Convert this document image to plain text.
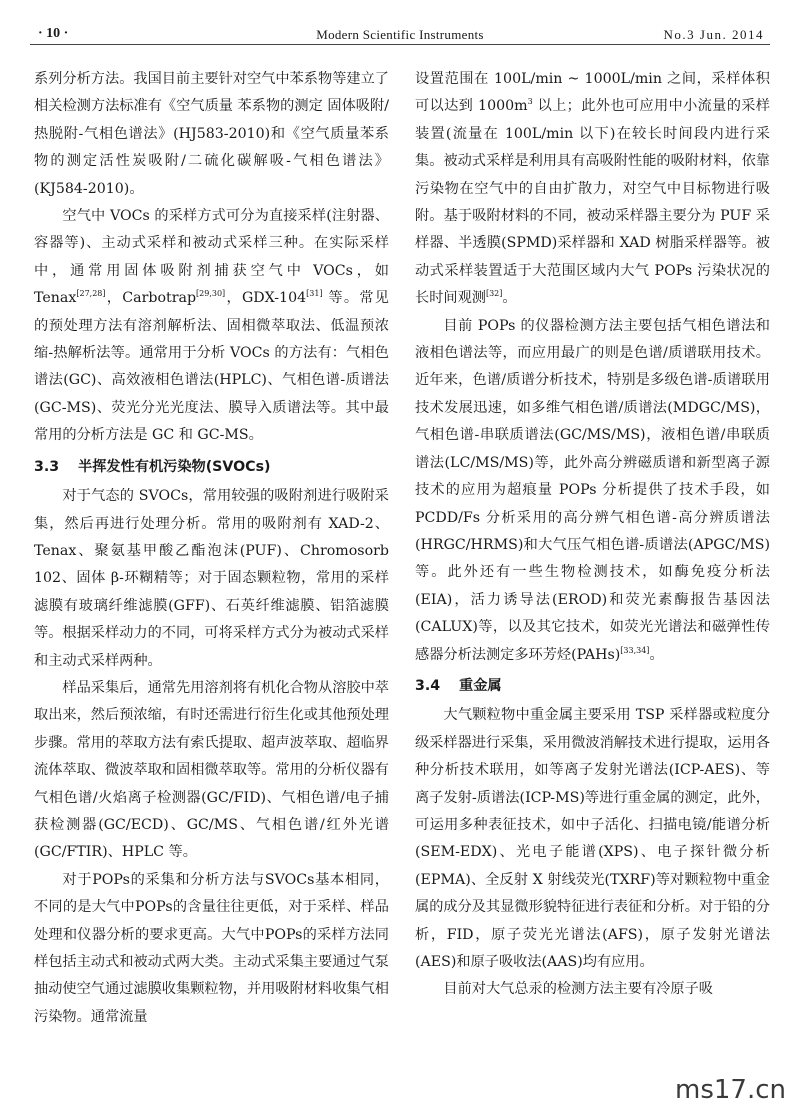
· 10 ·	Modern Scientific Instruments	No.3 Jun. 2014

系列分析方法。我国目前主要针对空气中苯系物等建立了相关检测方法标准有《空气质量 苯系物的测定 固体吸附/热脱附-气相色谱法》(HJ583-2010)和《空气质量苯系物的测定活性炭吸附/二硫化碳解吸-气相色谱法》(KJ584-2010)。

空气中 VOCs 的采样方式可分为直接采样(注射器、容器等)、主动式采样和被动式采样三种。在实际采样中，通常用固体吸附剂捕获空气中 VOCs，如 Tenax[27,28]，Carbotrap[29,30]，GDX-104[31] 等。常见的预处理方法有溶剂解析法、固相微萃取法、低温预浓缩-热解析法等。通常用于分析 VOCs 的方法有：气相色谱法(GC)、高效液相色谱法(HPLC)、气相色谱-质谱法(GC-MS)、荧光分光光度法、膜导入质谱法等。其中最常用的分析方法是 GC 和 GC-MS。

3.3 半挥发性有机污染物(SVOCs)

对于气态的 SVOCs，常用较强的吸附剂进行吸附采集，然后再进行处理分析。常用的吸附剂有 XAD-2、Tenax、聚氨基甲酸乙酯泡沫(PUF)、Chromosorb 102、固体 β-环糊精等；对于固态颗粒物，常用的采样滤膜有玻璃纤维滤膜(GFF)、石英纤维滤膜、铝箔滤膜等。根据采样动力的不同，可将采样方式分为被动式采样和主动式采样两种。

样品采集后，通常先用溶剂将有机化合物从溶胶中萃取出来，然后预浓缩，有时还需进行衍生化或其他预处理步骤。常用的萃取方法有索氏提取、超声波萃取、超临界流体萃取、微波萃取和固相微萃取等。常用的分析仪器有气相色谱/火焰离子检测器(GC/FID)、气相色谱/电子捕获检测器(GC/ECD)、GC/MS、气相色谱/红外光谱(GC/FTIR)、HPLC 等。

对于POPs的采集和分析方法与SVOCs基本相同，不同的是大气中POPs的含量往往更低，对于采样、样品处理和仪器分析的要求更高。大气中POPs的采样方法同样包括主动式和被动式两大类。主动式采集主要通过气泵抽动使空气通过滤膜收集颗粒物，并用吸附材料收集气相污染物。通常流量

设置范围在 100L/min ~ 1000L/min 之间，采样体积可以达到 $1000m^3$ 以上；此外也可应用中小流量的采样装置(流量在 100L/min 以下)在较长时间段内进行采集。被动式采样是利用具有高吸附性能的吸附材料，依靠污染物在空气中的自由扩散力，对空气中目标物进行吸附。基于吸附材料的不同，被动采样器主要分为 PUF 采样器、半透膜(SPMD)采样器和 XAD 树脂采样器等。被动式采样装置适于大范围区域内大气 POPs 污染状况的长时间观测[32]。

目前 POPs 的仪器检测方法主要包括气相色谱法和液相色谱法等，而应用最广的则是色谱/质谱联用技术。近年来，色谱/质谱分析技术，特别是多级色谱-质谱联用技术发展迅速，如多维气相色谱/质谱法(MDGC/MS)，气相色谱-串联质谱法(GC/MS/MS)，液相色谱/串联质谱法(LC/MS/MS)等，此外高分辨磁质谱和新型离子源技术的应用为超痕量 POPs 分析提供了技术手段，如 PCDD/Fs 分析采用的高分辨气相色谱-高分辨质谱法(HRGC/HRMS)和大气压气相色谱-质谱法(APGC/MS)等。此外还有一些生物检测技术，如酶免疫分析法(EIA)，活力诱导法(EROD)和荧光素酶报告基因法(CALUX)等，以及其它技术，如荧光光谱法和磁弹性传感器分析法测定多环芳烃(PAHs)[33,34]。

3.4 重金属

大气颗粒物中重金属主要采用 TSP 采样器或粒度分级采样器进行采集，采用微波消解技术进行提取，运用各种分析技术联用，如等离子发射光谱法(ICP-AES)、等离子发射-质谱法(ICP-MS)等进行重金属的测定，此外，可运用多种表征技术，如中子活化、扫描电镜/能谱分析(SEM-EDX)、光电子能谱(XPS)、电子探针微分析(EPMA)、全反射 X 射线荧光(TXRF)等对颗粒物中重金属的成分及其显微形貌特征进行表征和分析。对于铅的分析，FID，原子荧光光谱法(AFS)，原子发射光谱法(AES)和原子吸收法(AAS)均有应用。

目前对大气总汞的检测方法主要有冷原子吸

ms17.cn
